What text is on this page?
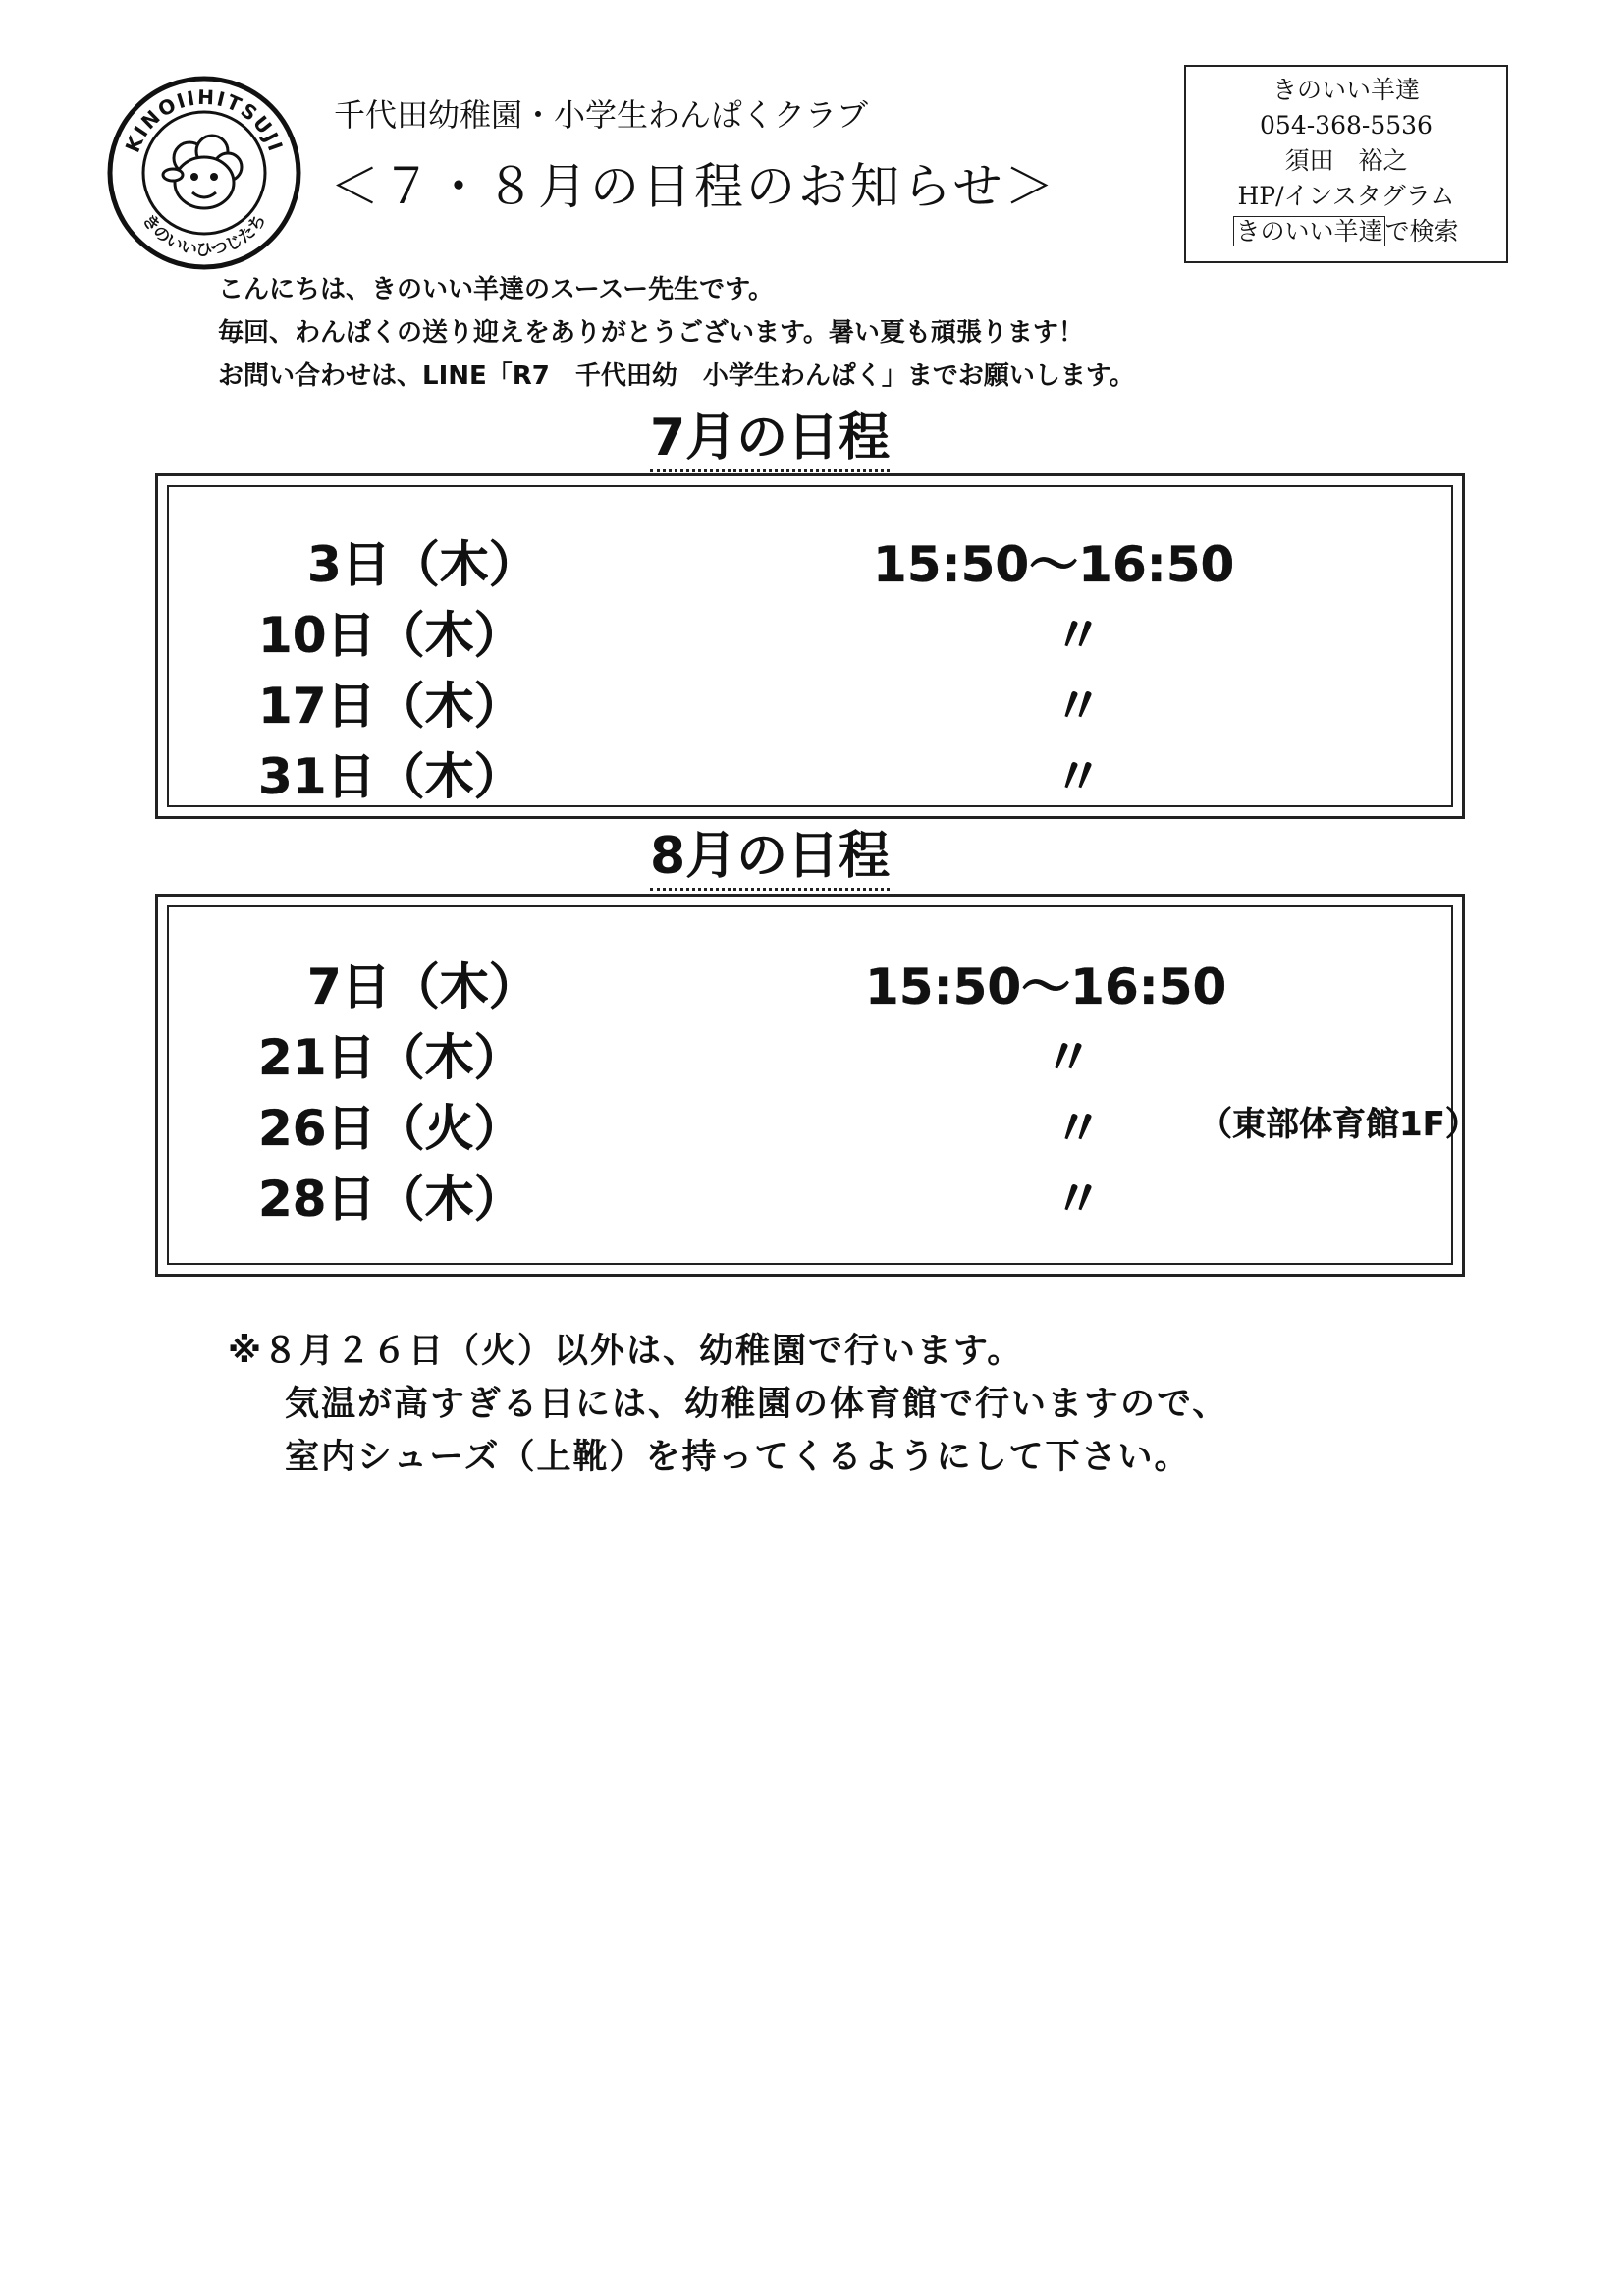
KINOIIHITSUJI
きのいいひつじたち
千代田幼稚園・小学生わんぱくクラブ
＜７・８月の日程のお知らせ＞
きのいい羊達
054-368-5536
須田　裕之
HP/インスタグラム
きのいい羊達で検索
こんにちは、きのいい羊達のスースー先生です。
毎回、わんぱくの送り迎えをありがとうございます。暑い夏も頑張ります！
お問い合わせは、LINE「R7　千代田幼　小学生わんぱく」までお願いします。
7月の日程
3日（木）	15:50～16:50
10日（木）	〃
17日（木）	〃
31日（木）	〃
8月の日程
7日（木）	15:50～16:50
21日（木）	〃
26日（火）	〃	（東部体育館1F）
28日（木）	〃
※８月２６日（火）以外は、幼稚園で行います。
気温が高すぎる日には、幼稚園の体育館で行いますので、
室内シューズ（上靴）を持ってくるようにして下さい。
